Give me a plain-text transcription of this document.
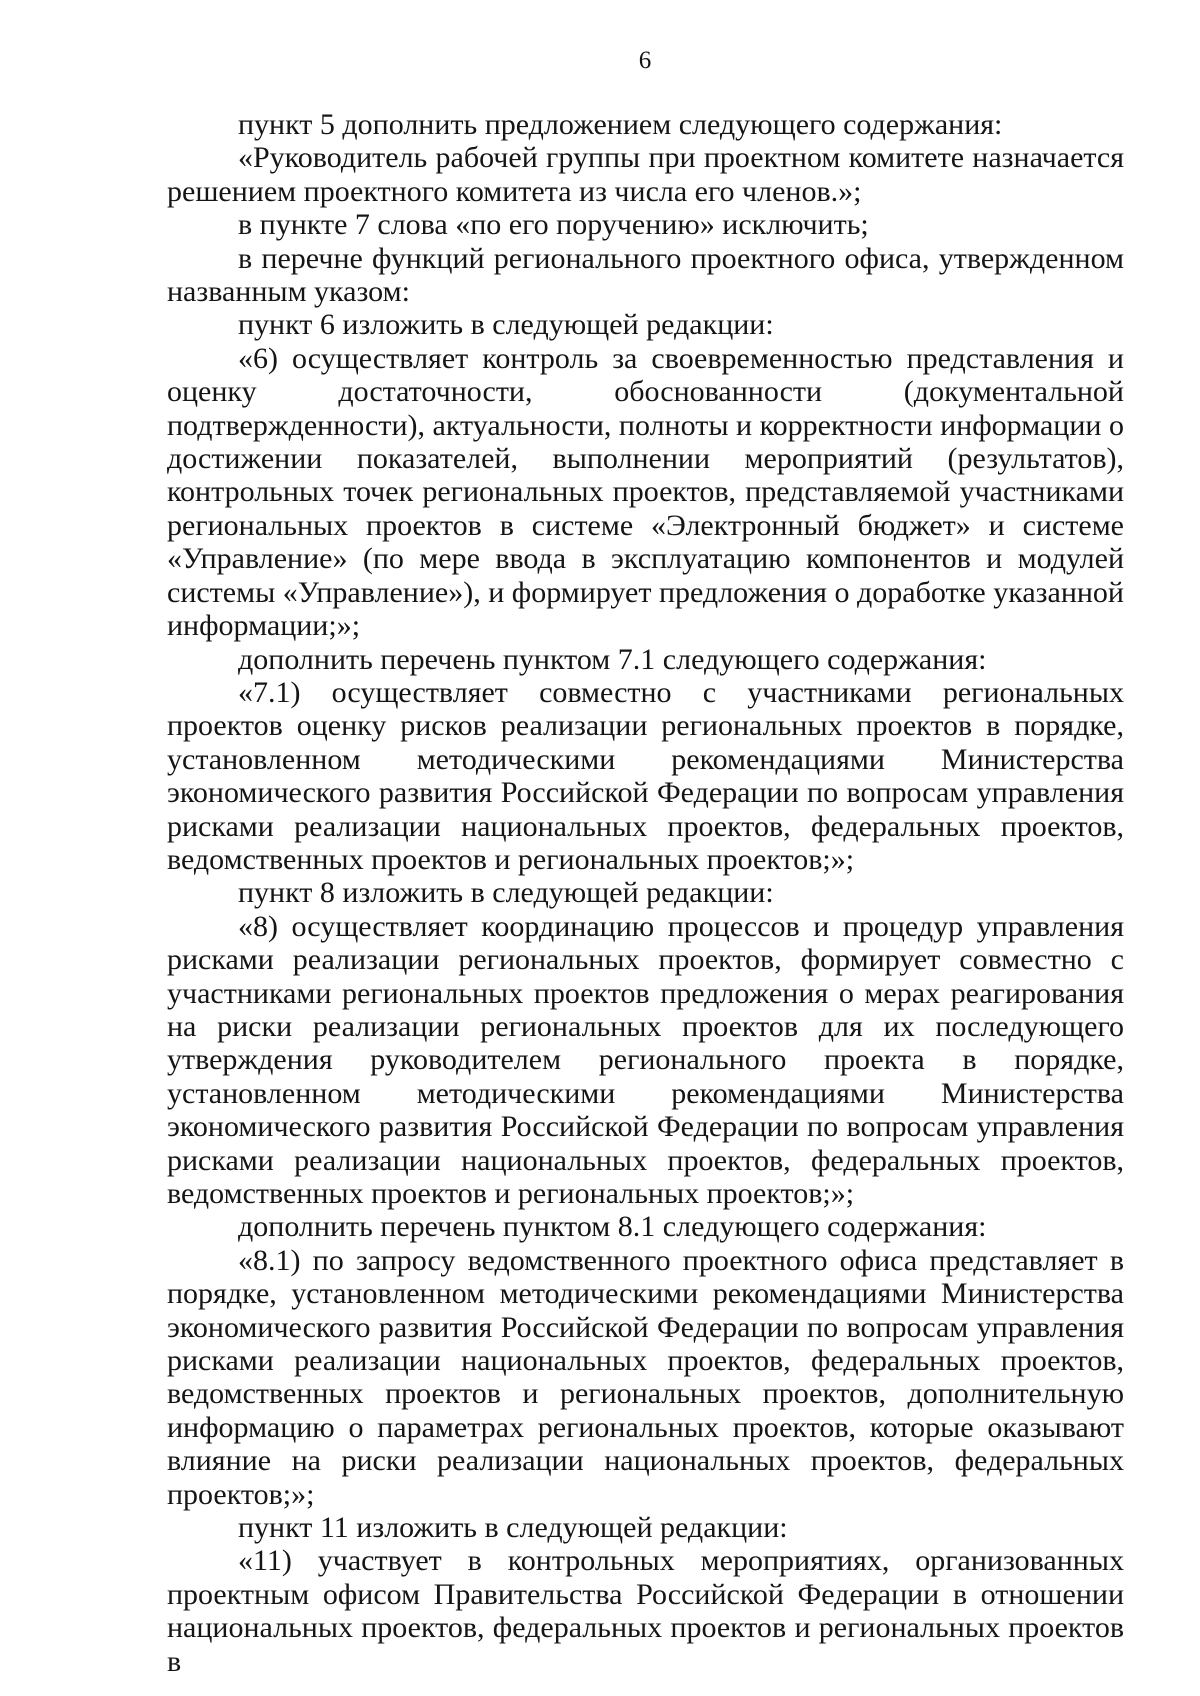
6

пункт 5 дополнить предложением следующего содержания:

«Руководитель рабочей группы при проектном комитете назначается решением проектного комитета из числа его членов.»;

в пункте 7 слова «по его поручению» исключить;

в перечне функций регионального проектного офиса, утвержденном названным указом:

пункт 6 изложить в следующей редакции:

«6) осуществляет контроль за своевременностью представления и оценку достаточности, обоснованности (документальной подтвержденности), актуальности, полноты и корректности информации о достижении показателей, выполнении мероприятий (результатов), контрольных точек региональных проектов, представляемой участниками региональных проектов в системе «Электронный бюджет» и системе «Управление» (по мере ввода в эксплуатацию компонентов и модулей системы «Управление»), и формирует предложения о доработке указанной информации;»;

дополнить перечень пунктом 7.1 следующего содержания:

«7.1) осуществляет совместно с участниками региональных проектов оценку рисков реализации региональных проектов в порядке, установленном методическими рекомендациями Министерства экономического развития Российской Федерации по вопросам управления рисками реализации национальных проектов, федеральных проектов, ведомственных проектов и региональных проектов;»;

пункт 8 изложить в следующей редакции:

«8) осуществляет координацию процессов и процедур управления рисками реализации региональных проектов, формирует совместно с участниками региональных проектов предложения о мерах реагирования на риски реализации региональных проектов для их последующего утверждения руководителем регионального проекта в порядке, установленном методическими рекомендациями Министерства экономического развития Российской Федерации по вопросам управления рисками реализации национальных проектов, федеральных проектов, ведомственных проектов и региональных проектов;»;

дополнить перечень пунктом 8.1 следующего содержания:

«8.1) по запросу ведомственного проектного офиса представляет в порядке, установленном методическими рекомендациями Министерства экономического развития Российской Федерации по вопросам управления рисками реализации национальных проектов, федеральных проектов, ведомственных проектов и региональных проектов, дополнительную информацию о параметрах региональных проектов, которые оказывают влияние на риски реализации национальных проектов, федеральных проектов;»;

пункт 11 изложить в следующей редакции:

«11) участвует в контрольных мероприятиях, организованных проектным офисом Правительства Российской Федерации в отношении национальных проектов, федеральных проектов и региональных проектов в
